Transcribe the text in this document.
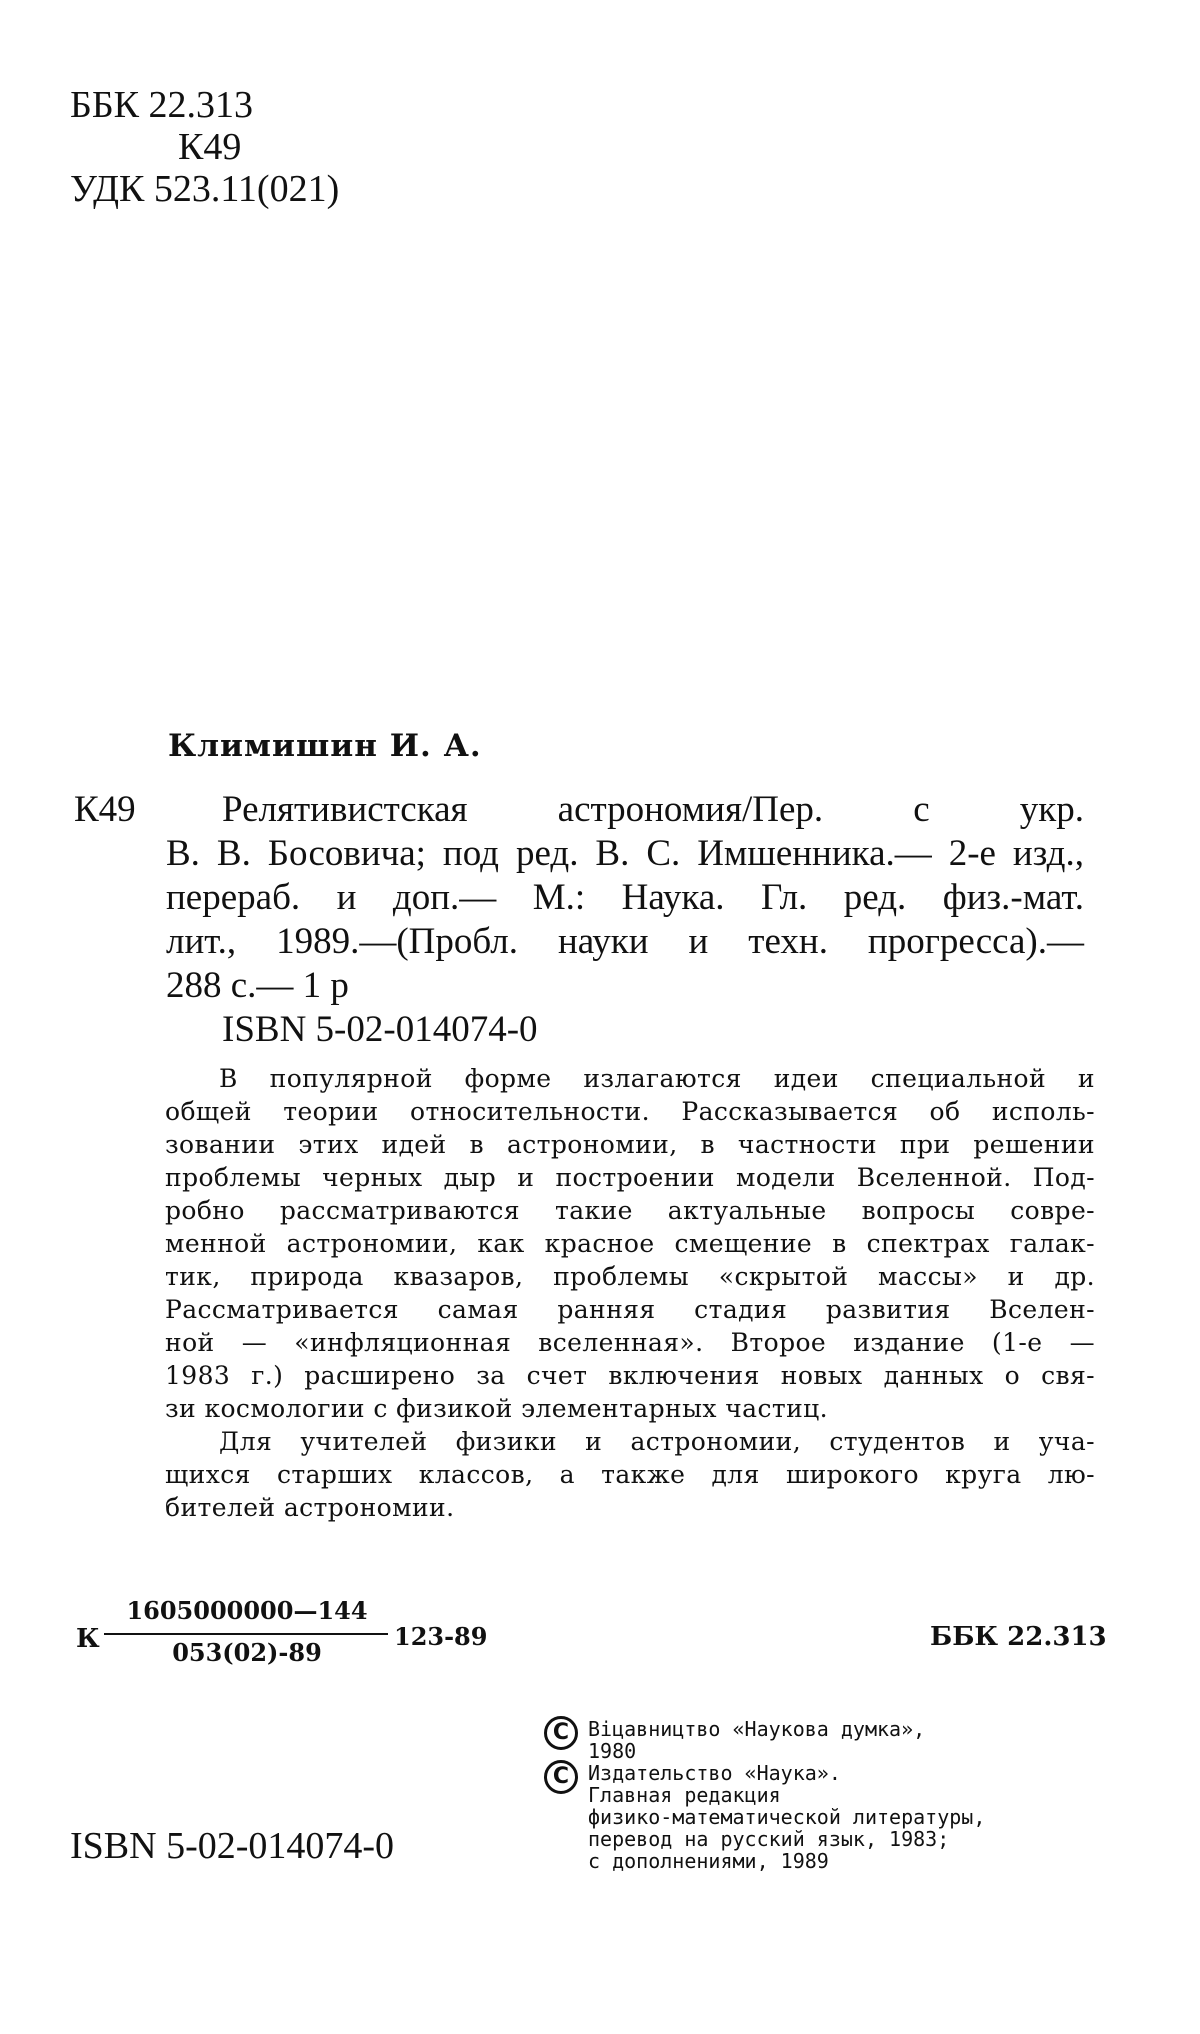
ББК 22.313
К49
УДК 523.11(021)
Климишин И. А.
К49 Релятивистская астрономия/Пер. с укр.
В. В. Босовича; под ред. В. С. Имшенника.— 2-е изд.,
перераб. и доп.— М.: Наука. Гл. ред. физ.-мат.
лит., 1989.—(Пробл. науки и техн. прогресса).—
288 с.— 1 р
ISBN 5-02-014074-0
В популярной форме излагаются идеи специальной и
общей теории относительности. Рассказывается об исполь-
зовании этих идей в астрономии, в частности при решении
проблемы черных дыр и построении модели Вселенной. Под-
робно рассматриваются такие актуальные вопросы совре-
менной астрономии, как красное смещение в спектрах галак-
тик, природа квазаров, проблемы «скрытой массы» и др.
Рассматривается самая ранняя стадия развития Вселен-
ной — «инфляционная вселенная». Второе издание (1-е —
1983 г.) расширено за счет включения новых данных о свя-
зи космологии с физикой элементарных частиц.
Для учителей физики и астрономии, студентов и уча-
щихся старших классов, а также для широкого круга лю-
бителей астрономии.
К
1605000000—144
053(02)-89
123-89	ББК 22.313
C Віцавництво «Наукова думка»,
1980
C Издательство «Наука».
Главная редакция
физико-математической литературы,
перевод на русский язык, 1983;
с дополнениями, 1989
ISBN 5-02-014074-0
